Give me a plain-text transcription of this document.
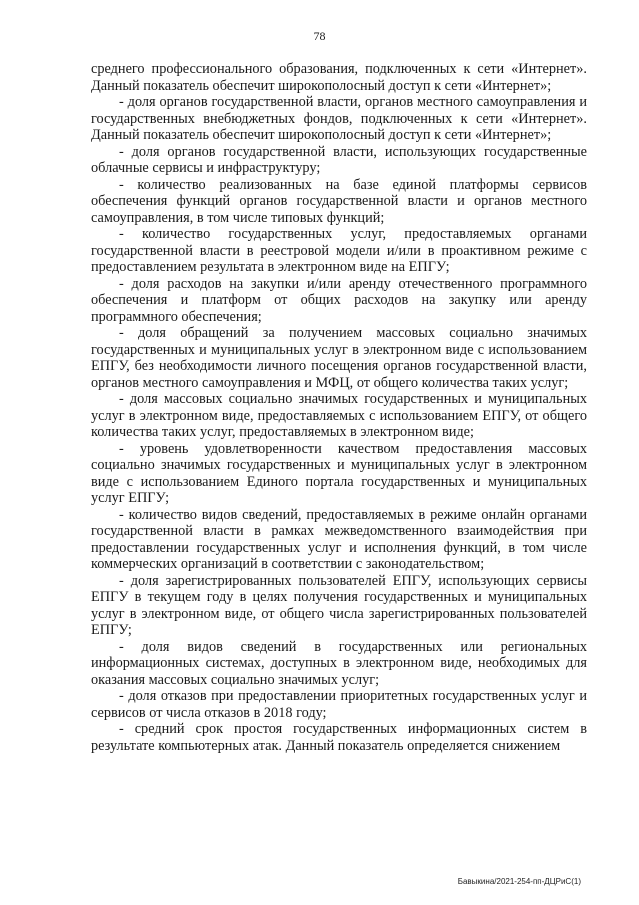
78

среднего профессионального образования, подключенных к сети «Интернет». Данный показатель обеспечит широкополосный доступ к сети «Интернет»;

- доля органов государственной власти, органов местного самоуправления и государственных внебюджетных фондов, подключенных к сети «Интернет». Данный показатель обеспечит широкополосный доступ к сети «Интернет»;

- доля органов государственной власти, использующих государственные облачные сервисы и инфраструктуру;

- количество реализованных на базе единой платформы сервисов обеспечения функций органов государственной власти и органов местного самоуправления, в том числе типовых функций;

- количество государственных услуг, предоставляемых органами государственной власти в реестровой модели и/или в проактивном режиме с предоставлением результата в электронном виде на ЕПГУ;

- доля расходов на закупки и/или аренду отечественного программного обеспечения и платформ от общих расходов на закупку или аренду программного обеспечения;

- доля обращений за получением массовых социально значимых государственных и муниципальных услуг в электронном виде с использованием ЕПГУ, без необходимости личного посещения органов государственной власти, органов местного самоуправления и МФЦ, от общего количества таких услуг;

- доля массовых социально значимых государственных и муниципальных услуг в электронном виде, предоставляемых с использованием ЕПГУ, от общего количества таких услуг, предоставляемых в электронном виде;

- уровень удовлетворенности качеством предоставления массовых социально значимых государственных и муниципальных услуг в электронном виде с использованием Единого портала государственных и муниципальных услуг ЕПГУ;

- количество видов сведений, предоставляемых в режиме онлайн органами государственной власти в рамках межведомственного взаимодействия при предоставлении государственных услуг и исполнения функций, в том числе коммерческих организаций в соответствии с законодательством;

- доля зарегистрированных пользователей ЕПГУ, использующих сервисы ЕПГУ в текущем году в целях получения государственных и муниципальных услуг в электронном виде, от общего числа зарегистрированных пользователей ЕПГУ;

- доля видов сведений в государственных или региональных информационных системах, доступных в электронном виде, необходимых для оказания массовых социально значимых услуг;

- доля отказов при предоставлении приоритетных государственных услуг и сервисов от числа отказов в 2018 году;

- средний срок простоя государственных информационных систем в результате компьютерных атак. Данный показатель определяется снижением

Бавыкина/2021-254-пп-ДЦРиС(1)
